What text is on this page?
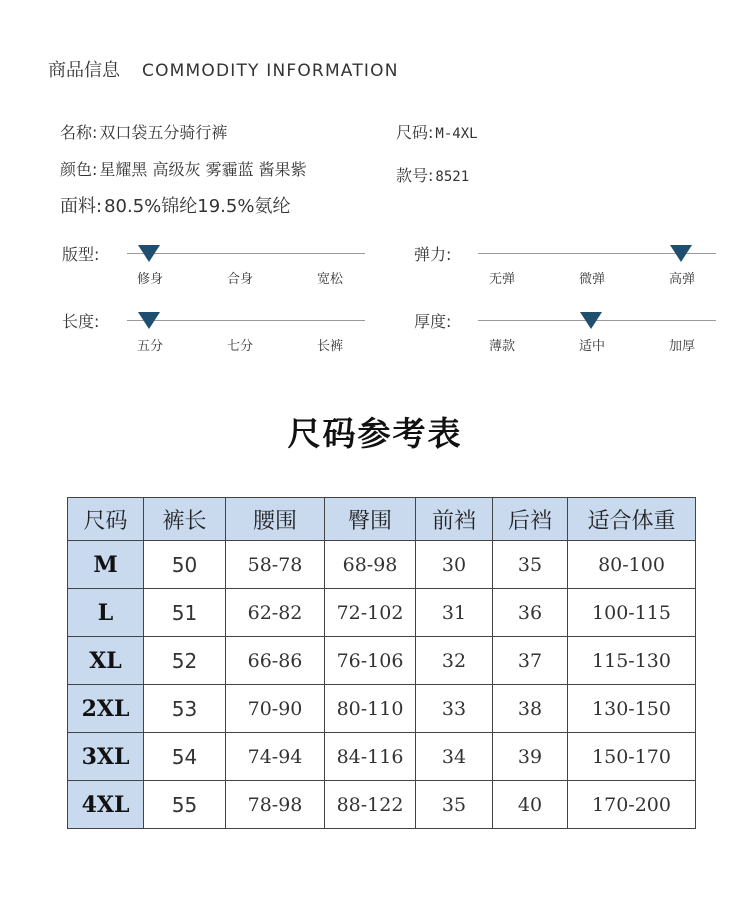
商品信息 COMMODITY INFORMATION
名称: 双口袋五分骑行裤
颜色: 星耀黑 高级灰 雾霾蓝 酱果紫
面料: 80.5%锦纶19.5%氨纶
尺码: M-4XL
款号: 8521
版型:
修身	合身	宽松
弹力:
无弹	微弹	高弹
长度:
五分	七分	长裤
厚度:
薄款	适中	加厚
尺码参考表
尺码	裤长	腰围	臀围	前裆	后裆	适合体重
M	50	58-78	68-98	30	35	80-100
L	51	62-82	72-102	31	36	100-115
XL	52	66-86	76-106	32	37	115-130
2XL	53	70-90	80-110	33	38	130-150
3XL	54	74-94	84-116	34	39	150-170
4XL	55	78-98	88-122	35	40	170-200
